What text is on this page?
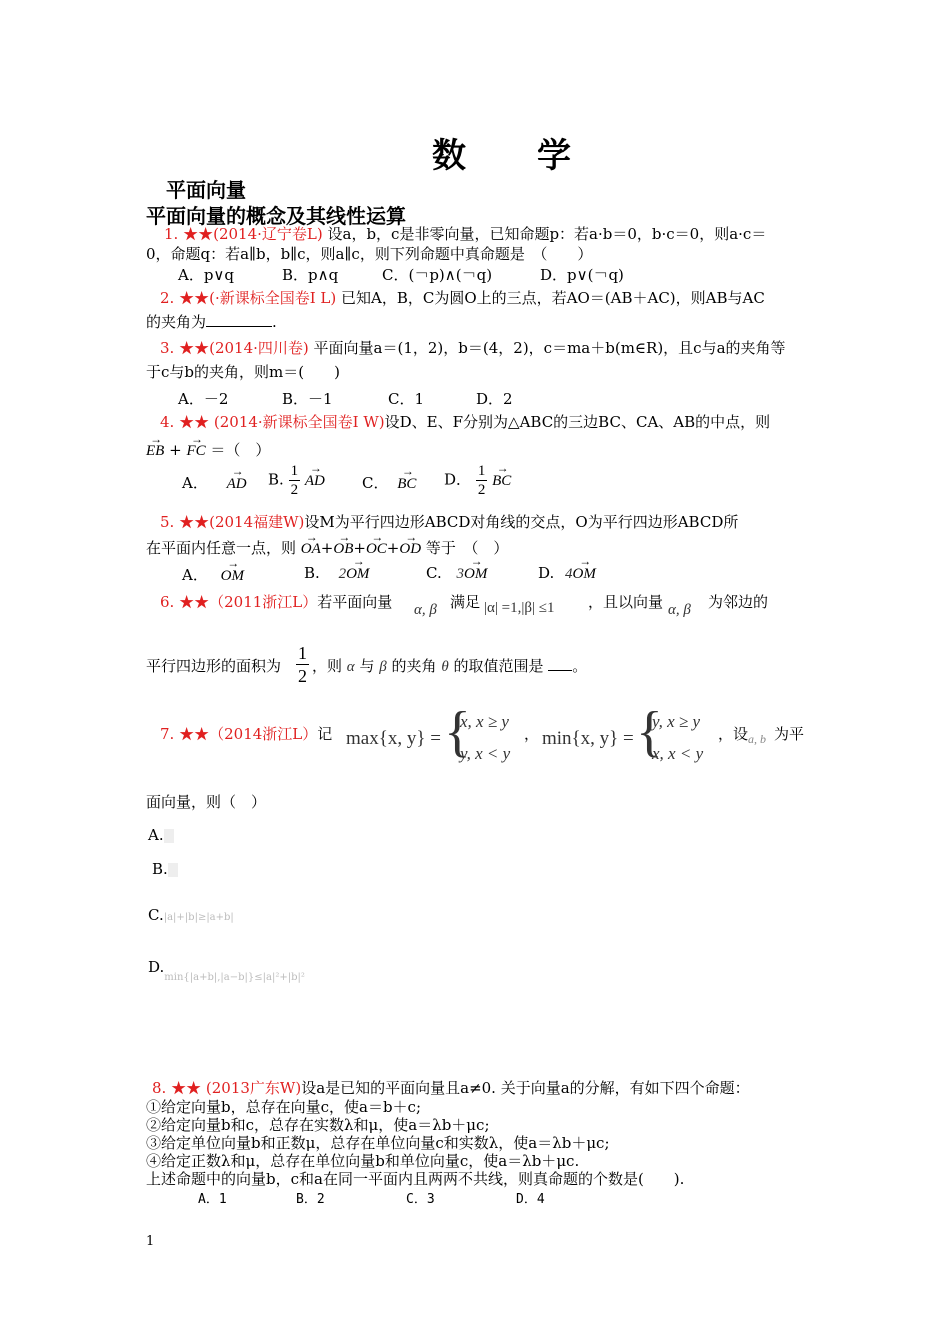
数　　学
平面向量
平面向量的概念及其线性运算
1. ★★(2014·辽宁卷L) 设a，b，c是非零向量，已知命题p：若a·b＝0，b·c＝0，则a·c＝
0，命题q：若a∥b，b∥c，则a∥c，则下列命题中真命题是　（　　）
A．p∨q	B．p∧q	C．(￢p)∧(￢q)	D．p∨(￢q)
2. ★★(·新课标全国卷Ⅰ L) 已知A，B，C为圆O上的三点，若AO＝(AB＋AC)，则AB与AC
的夹角为	.
3. ★★(2014·四川卷) 平面向量a＝(1，2)，b＝(4，2)，c＝ma＋b(m∈R)，且c与a的夹角等
于c与b的夹角，则m＝(　　)
A．－2	B．－1	C．1	D．2
4. ★★ (2014·新课标全国卷Ⅰ W)设D、E、F分别为△ABC的三边BC、CA、AB的中点，则
→ EB + → FC ＝（　）
A． → AD B. $\frac{1}{2}$ → AD C． → BC D． $\frac{1}{2}$ → BC
5. ★★(2014福建W)设M为平行四边形ABCD对角线的交点，O为平行四边形ABCD所
在平面内任意一点，则 → OA+→ OB+→ OC+→ OD 等于　（　）
A． → OM	B. 2→ OM	C. 3→ OM	D. 4→ OM
6. ★★（2011浙江L）若平面向量 α, β 满足 |α| =1,|β| ≤1 ，且以向量 α, β 为邻边的
平行四边形的面积为 $\frac{1}{2}$ ，则 α 与 β 的夹角 θ 的取值范围是 。
7. ★★（2014浙江L）记 max{x, y} = {
x, x ≥ y
y, x < y
， min{x, y} = {
y, x ≥ y
x, x < y
，设 a, b 为平
面向量，则（　）
A.
B.
C.|a|+|b|≥|a+b|
$D._{min\{|a+b|,|a-b|\}\le|a|^2+|b|^2}$
8. ★★ (2013广东W)设a是已知的平面向量且a≠0. 关于向量a的分解，有如下四个命题：
①给定向量b，总存在向量c，使a＝b＋c;
②给定向量b和c，总存在实数λ和μ，使a＝λb＋μc;
③给定单位向量b和正数μ，总存在单位向量c和实数λ，使a＝λb＋μc;
④给定正数λ和μ，总存在单位向量b和单位向量c，使a＝λb＋μc.
上述命题中的向量b，c和a在同一平面内且两两不共线，则真命题的个数是(　　).
A．1	B．2	C．3	D．4
1
